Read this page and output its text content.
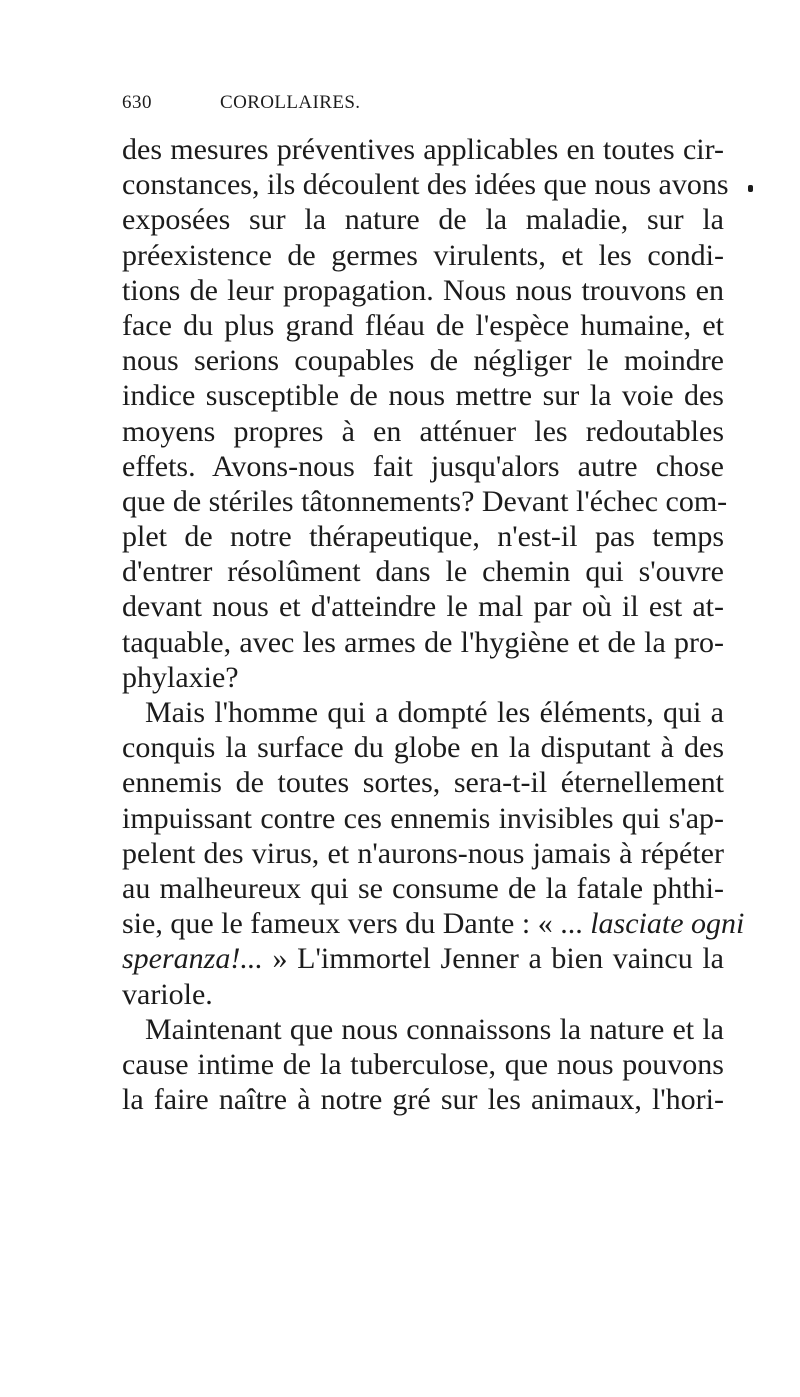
630	COROLLAIRES.
des mesures préventives applicables en toutes cir-
constances, ils découlent des idées que nous avons
exposées sur la nature de la maladie, sur la
préexistence de germes virulents, et les condi-
tions de leur propagation. Nous nous trouvons en
face du plus grand fléau de l'espèce humaine, et
nous serions coupables de négliger le moindre
indice susceptible de nous mettre sur la voie des
moyens propres à en atténuer les redoutables
effets. Avons-nous fait jusqu'alors autre chose
que de stériles tâtonnements? Devant l'échec com-
plet de notre thérapeutique, n'est-il pas temps
d'entrer résolûment dans le chemin qui s'ouvre
devant nous et d'atteindre le mal par où il est at-
taquable, avec les armes de l'hygiène et de la pro-
phylaxie?
Mais l'homme qui a dompté les éléments, qui a
conquis la surface du globe en la disputant à des
ennemis de toutes sortes, sera-t-il éternellement
impuissant contre ces ennemis invisibles qui s'ap-
pelent des virus, et n'aurons-nous jamais à répéter
au malheureux qui se consume de la fatale phthi-
sie, que le fameux vers du Dante : « ... lasciate ogni
speranza!... » L'immortel Jenner a bien vaincu la
variole.
Maintenant que nous connaissons la nature et la
cause intime de la tuberculose, que nous pouvons
la faire naître à notre gré sur les animaux, l'hori-
